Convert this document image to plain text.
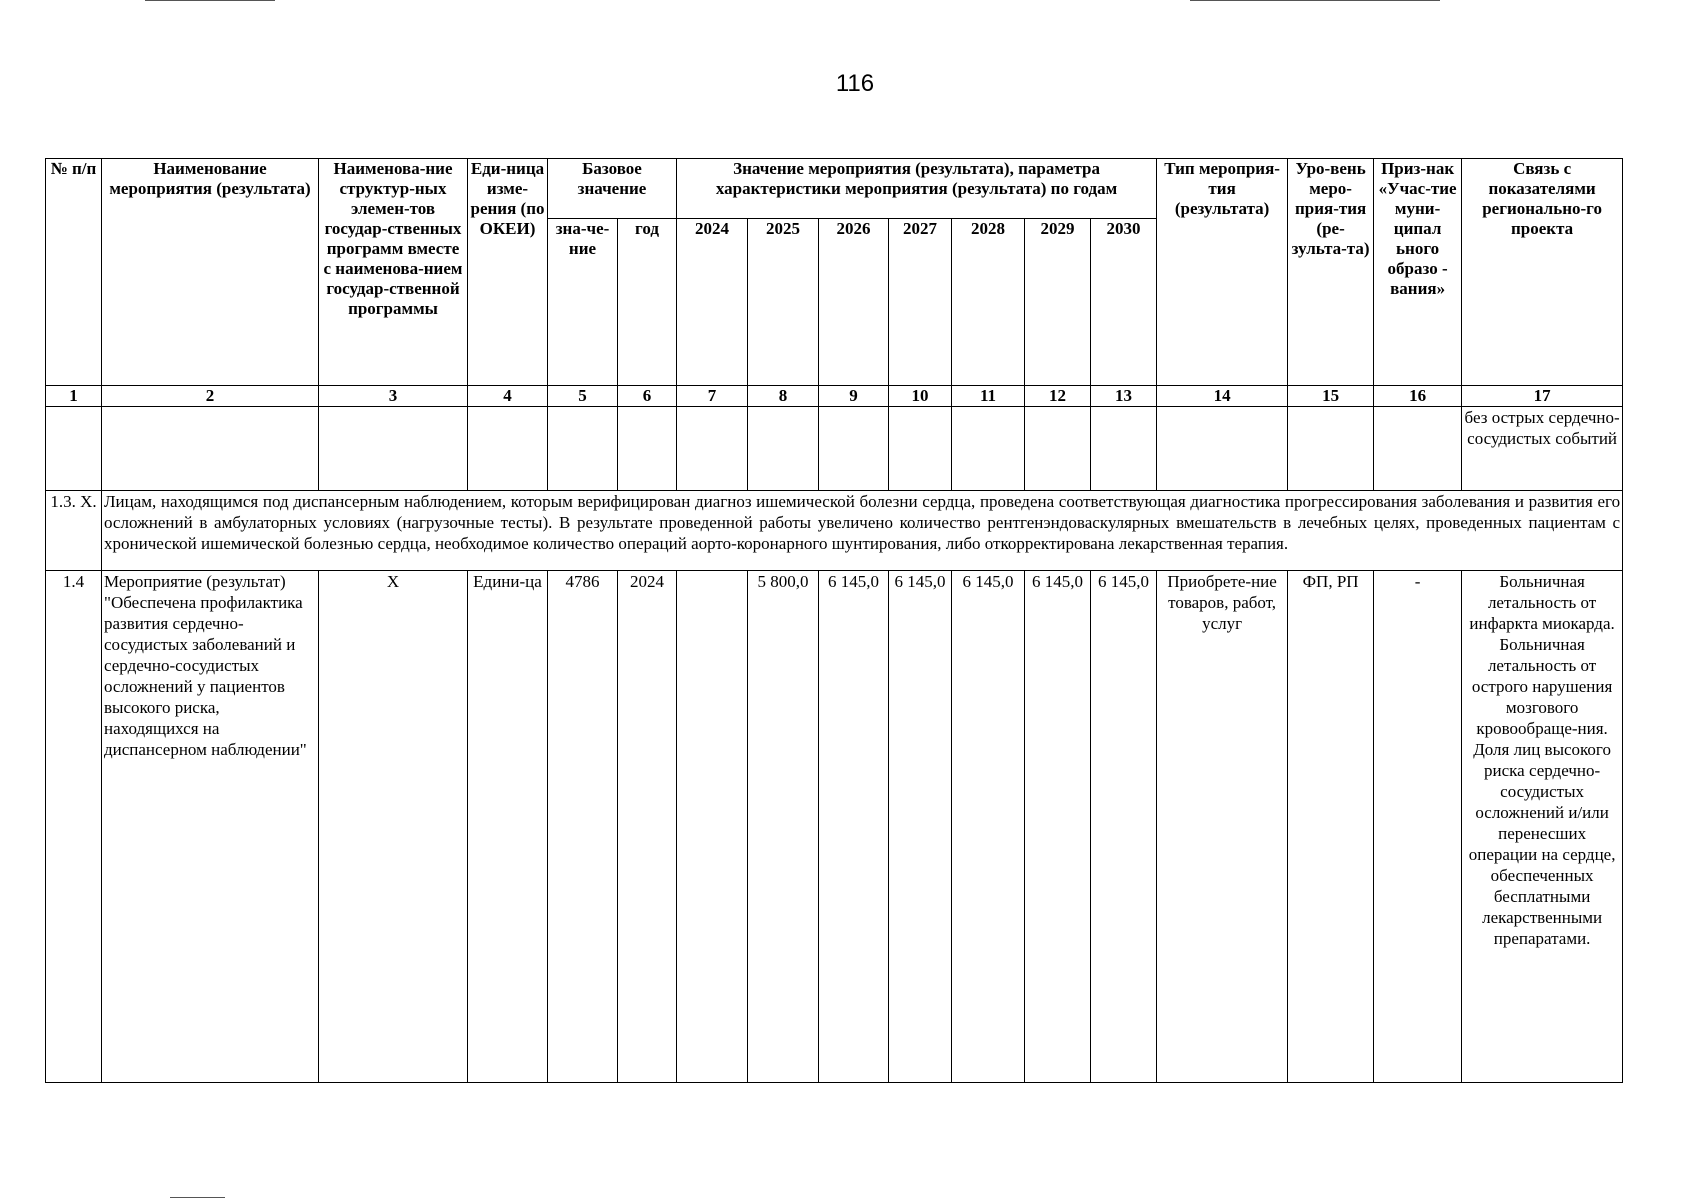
116
№ п/п	Наименование мероприятия (результата)	Наименова-ние структур-ных элемен-тов государ-ственных программ вместе с наименова-нием государ-ственной программы	Еди-ница изме-рения (по ОКЕИ)	Базовое значение		Значение мероприятия (результата), параметра характеристики мероприятия (результата) по годам							Тип мероприя-тия (результата)	Уро-вень меро-прия-тия (ре-зульта-та)	Приз-нак «Учас-тие муни-ципал ьного образо - вания»	Связь с показателями регионально-го проекта
				зна-че-ние	год	2024	2025	2026	2027	2028	2029	2030				
1	2	3	4	5	6	7	8	9	10	11	12	13	14	15	16	17
																без острых сердечно-сосудистых событий
1.3. Х.	Лицам, находящимся под диспансерным наблюдением, которым верифицирован диагноз ишемической болезни сердца, проведена соответствующая диагностика прогрессирования заболевания и развития его осложнений в амбулаторных условиях (нагрузочные тесты). В результате проведенной работы увеличено количество рентгенэндоваскулярных вмешательств в лечебных целях, проведенных пациентам с хронической ишемической болезнью сердца, необходимое количество операций аорто-коронарного шунтирования, либо откорректирована лекарственная терапия.															
1.4	Мероприятие (результат) "Обеспечена профилактика развития сердечно-сосудистых заболеваний и сердечно-сосудистых осложнений у пациентов высокого риска, находящихся на диспансерном наблюдении"	Х	Едини-ца	4786	2024		5 800,0	6 145,0	6 145,0	6 145,0	6 145,0	6 145,0	Приобрете-ние товаров, работ, услуг	ФП, РП	-	Больничная летальность от инфаркта миокарда. Больничная летальность от острого нарушения мозгового кровообраще-ния. Доля лиц высокого риска сердечно-сосудистых осложнений и/или перенесших операции на сердце, обеспеченных бесплатными лекарственными препаратами.
